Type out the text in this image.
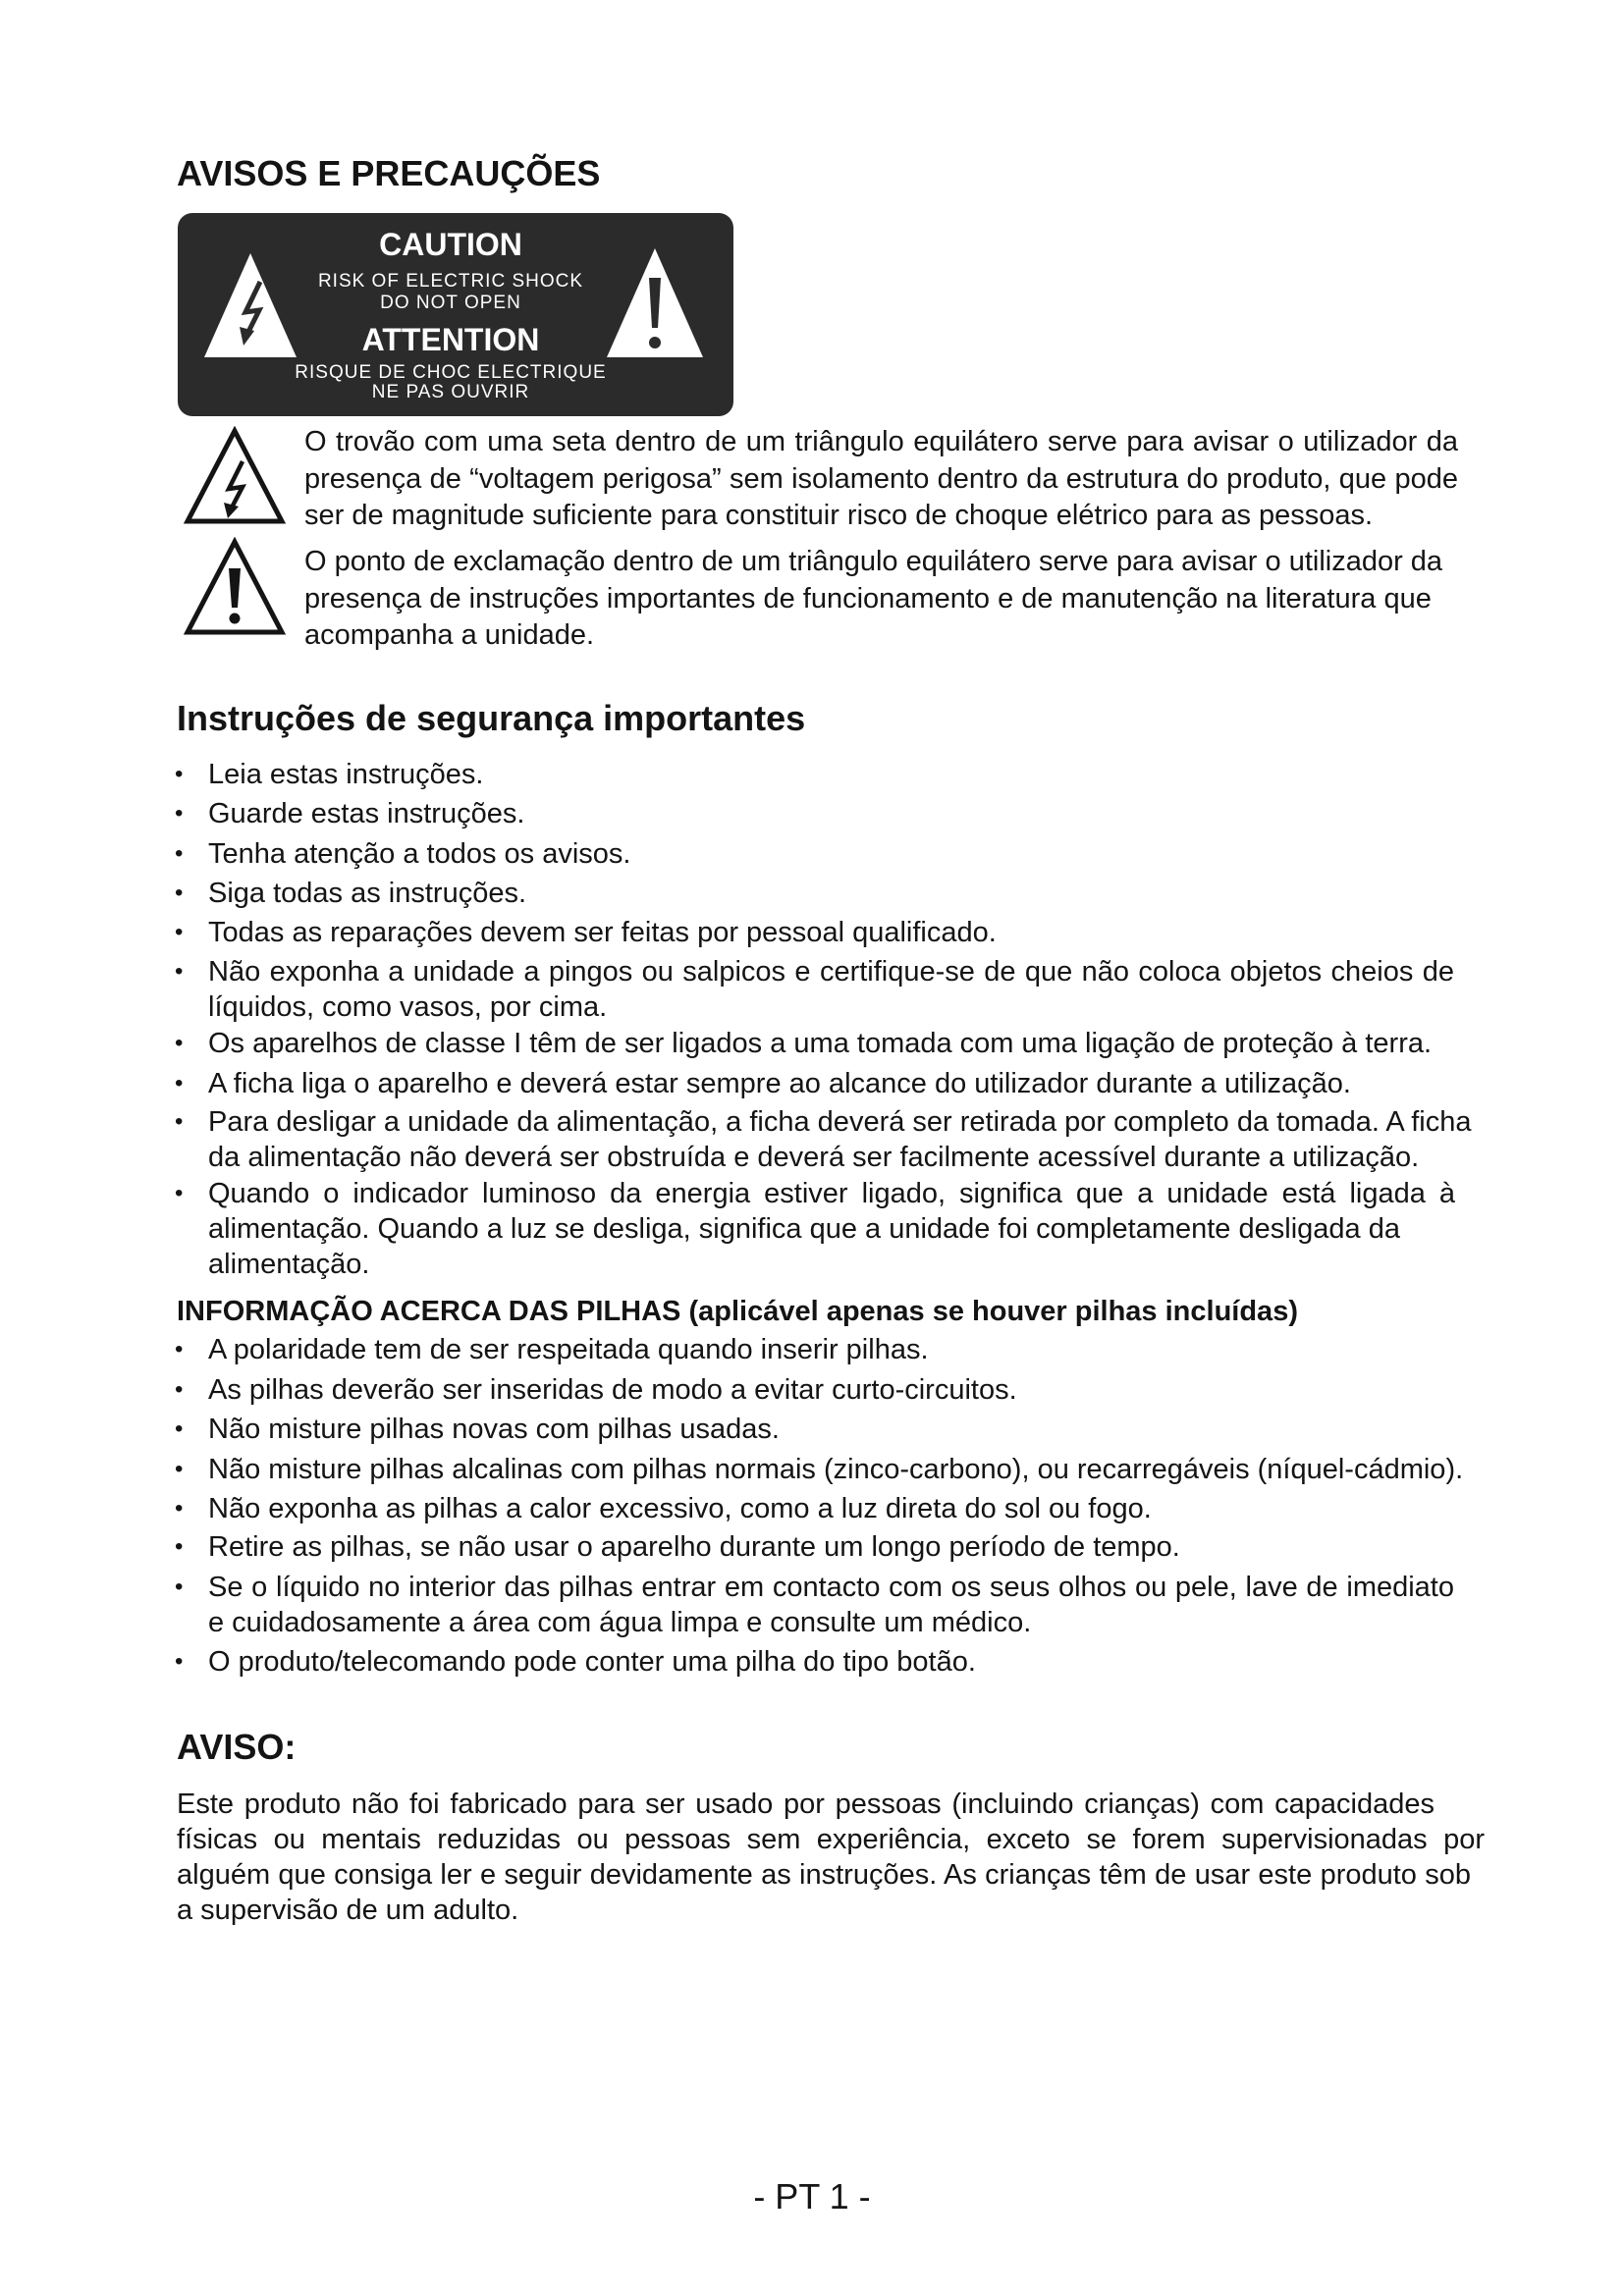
AVISOS E PRECAUÇÕES
CAUTION
RISK OF ELECTRIC SHOCK
DO NOT OPEN
ATTENTION
RISQUE DE CHOC ELECTRIQUE
NE PAS OUVRIR
O trovão com uma seta dentro de um triângulo equilátero serve para avisar o utilizador da
presença de “voltagem perigosa” sem isolamento dentro da estrutura do produto, que pode
ser de magnitude suficiente para constituir risco de choque elétrico para as pessoas.
O ponto de exclamação dentro de um triângulo equilátero serve para avisar o utilizador da
presença de instruções importantes de funcionamento e de manutenção na literatura que
acompanha a unidade.
Instruções de segurança importantes
•
Leia estas instruções.
•
Guarde estas instruções.
•
Tenha atenção a todos os avisos.
•
Siga todas as instruções.
•
Todas as reparações devem ser feitas por pessoal qualificado.
•
Não exponha a unidade a pingos ou salpicos e certifique-se de que não coloca objetos cheios de
líquidos, como vasos, por cima.
•
Os aparelhos de classe I têm de ser ligados a uma tomada com uma ligação de proteção à terra.
•
A ficha liga o aparelho e deverá estar sempre ao alcance do utilizador durante a utilização.
•
Para desligar a unidade da alimentação, a ficha deverá ser retirada por completo da tomada. A ficha
da alimentação não deverá ser obstruída e deverá ser facilmente acessível durante a utilização.
•
Quando o indicador luminoso da energia estiver ligado, significa que a unidade está ligada à
alimentação. Quando a luz se desliga, significa que a unidade foi completamente desligada da
alimentação.
INFORMAÇÃO ACERCA DAS PILHAS (aplicável apenas se houver pilhas incluídas)
•
A polaridade tem de ser respeitada quando inserir pilhas.
•
As pilhas deverão ser inseridas de modo a evitar curto-circuitos.
•
Não misture pilhas novas com pilhas usadas.
•
Não misture pilhas alcalinas com pilhas normais (zinco-carbono), ou recarregáveis (níquel-cádmio).
•
Não exponha as pilhas a calor excessivo, como a luz direta do sol ou fogo.
•
Retire as pilhas, se não usar o aparelho durante um longo período de tempo.
•
Se o líquido no interior das pilhas entrar em contacto com os seus olhos ou pele, lave de imediato
e cuidadosamente a área com água limpa e consulte um médico.
•
O produto/telecomando pode conter uma pilha do tipo botão.
AVISO:
Este produto não foi fabricado para ser usado por pessoas (incluindo crianças) com capacidades
físicas ou mentais reduzidas ou pessoas sem experiência, exceto se forem supervisionadas por
alguém que consiga ler e seguir devidamente as instruções. As crianças têm de usar este produto sob
a supervisão de um adulto.
- PT 1 -
